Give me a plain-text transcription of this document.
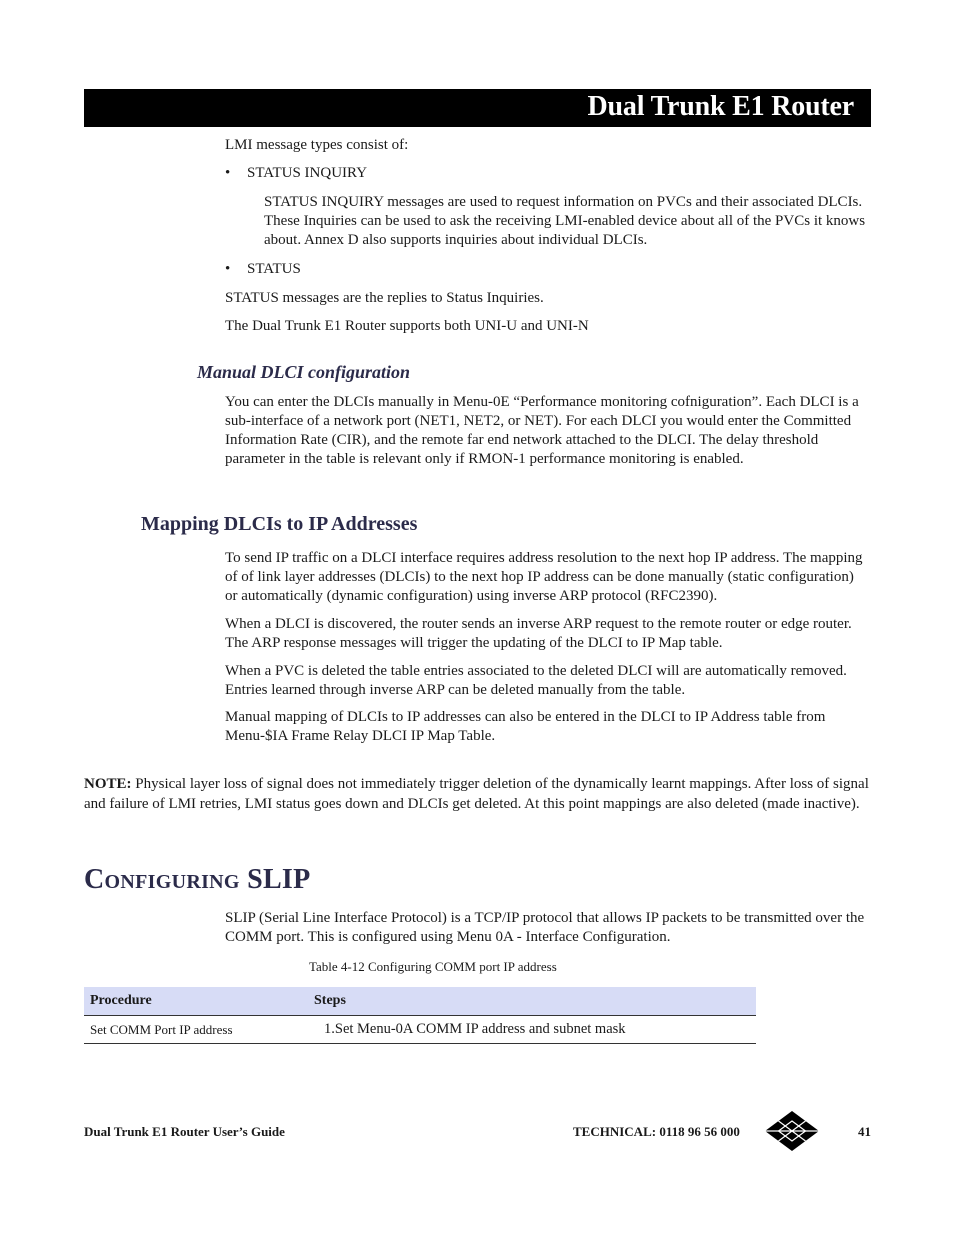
Dual Trunk E1 Router

LMI message types consist of:

• STATUS INQUIRY

STATUS INQUIRY messages are used to request information on PVCs and their associated DLCIs. These Inquiries can be used to ask the receiving LMI-enabled device about all of the PVCs it knows about. Annex D also supports inquiries about individual DLCIs.

• STATUS

STATUS messages are the replies to Status Inquiries.

The Dual Trunk E1 Router supports both UNI-U and UNI-N

Manual DLCI configuration

You can enter the DLCIs manually in Menu-0E “Performance monitoring cofniguration”. Each DLCI is a sub-interface of a network port (NET1, NET2, or NET). For each DLCI you would enter the Committed Information Rate (CIR), and the remote far end network attached to the DLCI. The delay threshold parameter in the table is relevant only if RMON-1 performance monitoring is enabled.

Mapping DLCIs to IP Addresses

To send IP traffic on a DLCI interface requires address resolution to the next hop IP address. The mapping of of link layer addresses (DLCIs) to the next hop IP address can be done manually (static configuration) or automatically (dynamic configuration) using inverse ARP protocol (RFC2390).

When a DLCI is discovered, the router sends an inverse ARP request to the remote router or edge router. The ARP response messages will trigger the updating of the DLCI to IP Map table.

When a PVC is deleted the table entries associated to the deleted DLCI will are automatically removed. Entries learned through inverse ARP can be deleted manually from the table.

Manual mapping of DLCIs to IP addresses can also be entered in the DLCI to IP Address table from Menu-$IA Frame Relay DLCI IP Map Table.

NOTE: Physical layer loss of signal does not immediately trigger deletion of the dynamically learnt mappings. After loss of signal and failure of LMI retries, LMI status goes down and DLCIs get deleted. At this point mappings are also deleted (made inactive).

CONFIGURING SLIP

SLIP (Serial Line Interface Protocol) is a TCP/IP protocol that allows IP packets to be transmitted over the COMM port. This is configured using Menu 0A - Interface Configuration.

Table 4-12 Configuring COMM port IP address
Procedure	Steps
Set COMM Port IP address	1.Set Menu-0A COMM IP address and subnet mask
Dual Trunk E1 Router User’s Guide	TECHNICAL: 0118 96 56 000	41
